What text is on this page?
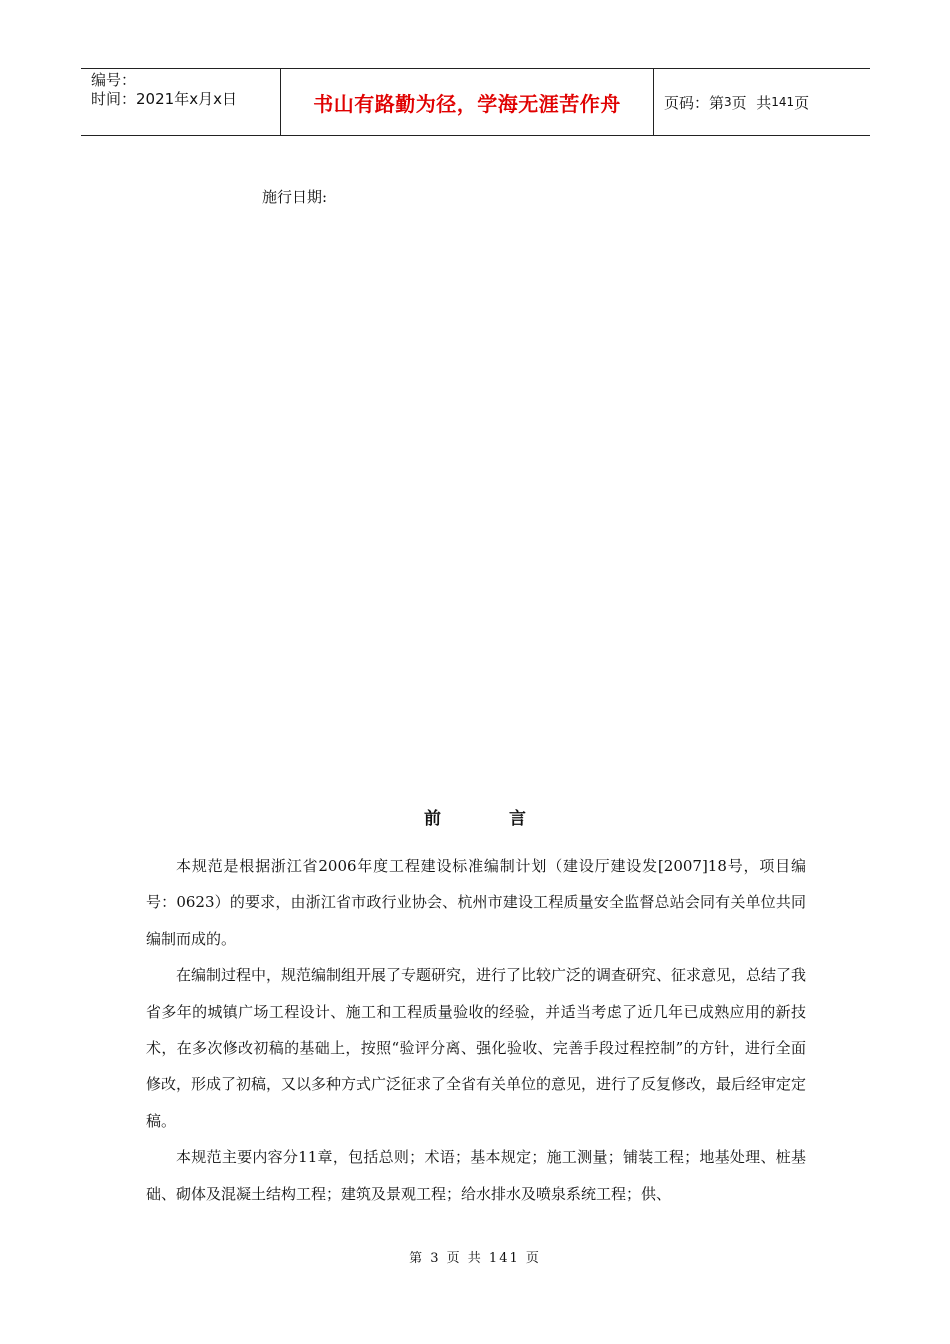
编号：
时间：2021年x月x日	书山有路勤为径，学海无涯苦作舟	页码： 第 3 页
共 141 页
施行日期:
前言

本规范是根据浙江省2006年度工程建设标准编制计划（建设厅建设发[2007]18号，项目编号：0623）的要求，由浙江省市政行业协会、杭州市建设工程质量安全监督总站会同有关单位共同编制而成的。

在编制过程中，规范编制组开展了专题研究，进行了比较广泛的调查研究、征求意见，总结了我省多年的城镇广场工程设计、施工和工程质量验收的经验，并适当考虑了近几年已成熟应用的新技术，在多次修改初稿的基础上，按照“验评分离、强化验收、完善手段过程控制”的方针，进行全面修改，形成了初稿，又以多种方式广泛征求了全省有关单位的意见，进行了反复修改，最后经审定定稿。

本规范主要内容分11章，包括总则；术语；基本规定；施工测量；铺装工程；地基处理、桩基础、砌体及混凝土结构工程；建筑及景观工程；给水排水及喷泉系统工程；供、

第 3 页 共 141 页
